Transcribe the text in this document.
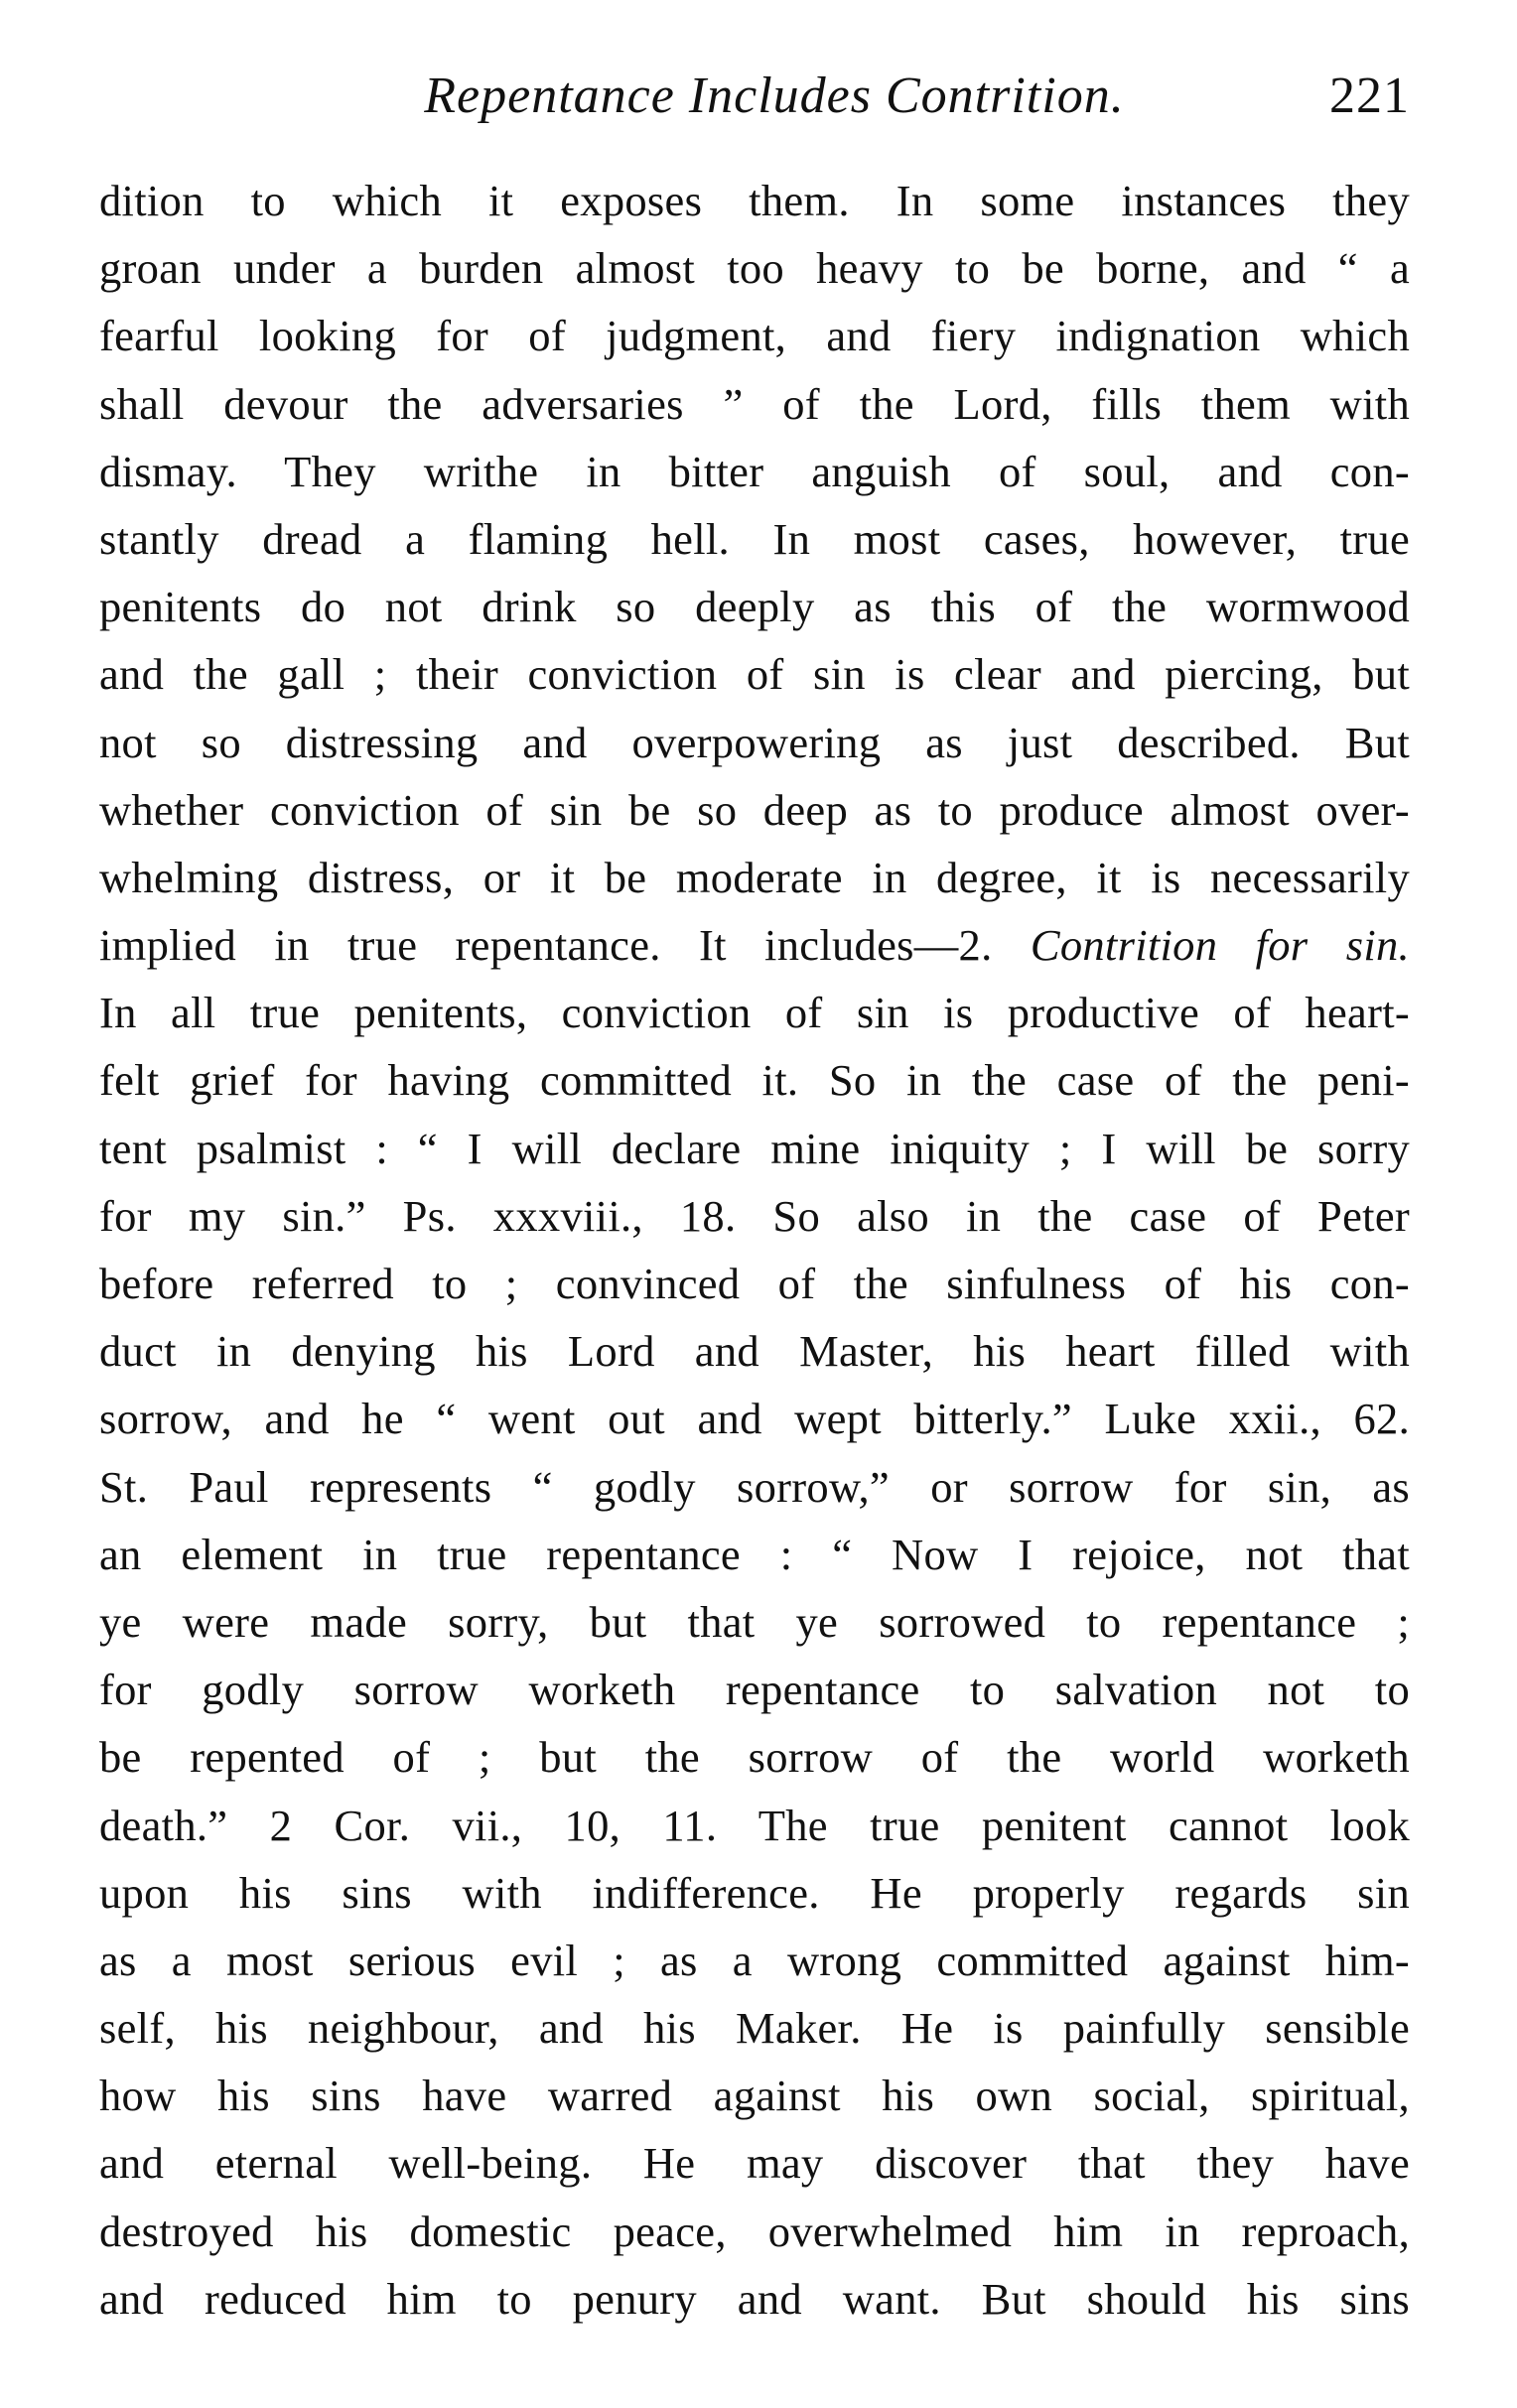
Repentance Includes Contrition.	221
dition to which it exposes them. In some instances they
groan under a burden almost too heavy to be borne, and “ a
fearful looking for of judgment, and fiery indignation which
shall devour the adversaries ” of the Lord, fills them with
dismay. They writhe in bitter anguish of soul, and con-
stantly dread a flaming hell. In most cases, however, true
penitents do not drink so deeply as this of the wormwood
and the gall ; their conviction of sin is clear and piercing, but
not so distressing and overpowering as just described. But
whether conviction of sin be so deep as to produce almost over-
whelming distress, or it be moderate in degree, it is necessarily
implied in true repentance. It includes—2. Contrition for sin.
In all true penitents, conviction of sin is productive of heart-
felt grief for having committed it. So in the case of the peni-
tent psalmist : “ I will declare mine iniquity ; I will be sorry
for my sin.” Ps. xxxviii., 18. So also in the case of Peter
before referred to ; convinced of the sinfulness of his con-
duct in denying his Lord and Master, his heart filled with
sorrow, and he “ went out and wept bitterly.” Luke xxii., 62.
St. Paul represents “ godly sorrow,” or sorrow for sin, as
an element in true repentance : “ Now I rejoice, not that
ye were made sorry, but that ye sorrowed to repentance ;
for godly sorrow worketh repentance to salvation not to
be repented of ; but the sorrow of the world worketh
death.” 2 Cor. vii., 10, 11. The true penitent cannot look
upon his sins with indifference. He properly regards sin
as a most serious evil ; as a wrong committed against him-
self, his neighbour, and his Maker. He is painfully sensible
how his sins have warred against his own social, spiritual,
and eternal well-being. He may discover that they have
destroyed his domestic peace, overwhelmed him in reproach,
and reduced him to penury and want. But should his sins
